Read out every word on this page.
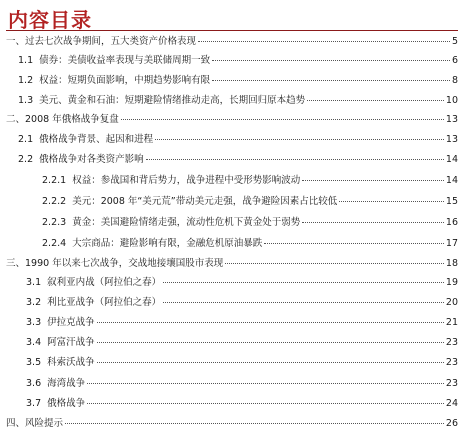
内容目录
一、过去七次战争期间，五大类资产价格表现	5
1.1 债券：美债收益率表现与美联储周期一致	6
1.2 权益：短期负面影响，中期趋势影响有限	8
1.3 美元、黄金和石油：短期避险情绪推动走高，长期回归原本趋势	10
二、2008 年俄格战争复盘	13
2.1 俄格战争背景、起因和进程	13
2.2 俄格战争对各类资产影响	14
2.2.1 权益：参战国和背后势力，战争进程中受形势影响波动	14
2.2.2 美元：2008 年“美元荒”带动美元走强，战争避险因素占比较低	15
2.2.3 黄金：美国避险情绪走强，流动性危机下黄金处于弱势	16
2.2.4 大宗商品：避险影响有限，金融危机原油暴跌	17
三、1990 年以来七次战争，交战地接壤国股市表现	18
3.1 叙利亚内战（阿拉伯之春）	19
3.2 利比亚战争（阿拉伯之春）	20
3.3 伊拉克战争	21
3.4 阿富汗战争	23
3.5 科索沃战争	23
3.6 海湾战争	23
3.7 俄格战争	24
四、风险提示	26
